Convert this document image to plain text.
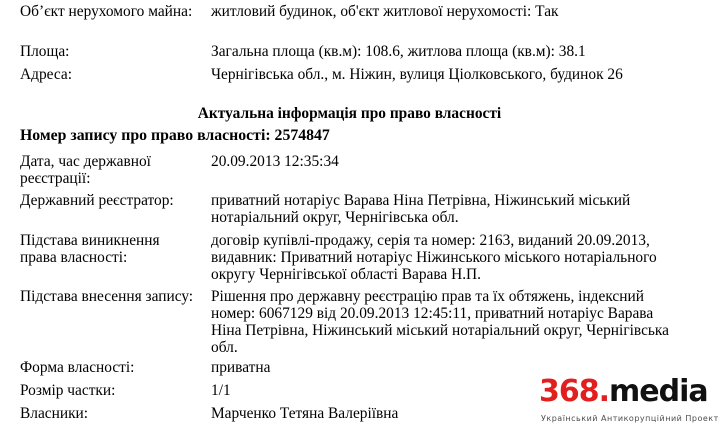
Об’єкт нерухомого майна:	житловий будинок, об'єкт житлової нерухомості: Так
Площа:	Загальна площа (кв.м): 108.6, житлова площа (кв.м): 38.1
Адреса:	Чернігівська обл., м. Ніжин, вулиця Ціолковського, будинок 26
Актуальна інформація про право власності
Номер запису про право власності: 2574847
Дата, час державної реєстрації:
20.09.2013 12:35:34
Державний реєстратор:	приватний нотаріус Варава Ніна Петрівна, Ніжинський міський нотаріальний округ, Чернігівська обл.
Підстава виникнення права власності:
договір купівлі-продажу, серія та номер: 2163, виданий 20.09.2013, видавник: Приватний нотаріус Ніжинського міського нотаріального округу Чернігівської області Варава Н.П.
Підстава внесення запису:	Рішення про державну реєстрацію прав та їх обтяжень, індексний номер: 6067129 від 20.09.2013 12:45:11, приватний нотаріус Варава Ніна Петрівна, Ніжинський міський нотаріальний округ, Чернігівська обл.
Форма власності:	приватна
Розмір частки:	1/1
Власники:	Марченко Тетяна Валеріївна
368.media
Український Антикорупційний Проект
